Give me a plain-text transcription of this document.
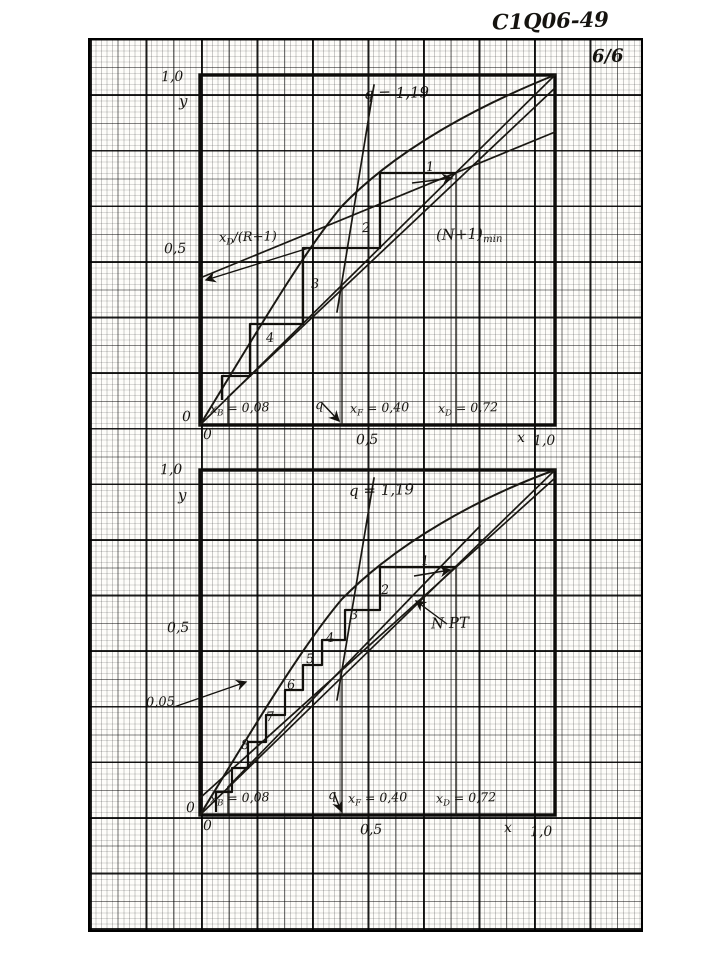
C1Q06-49
6/6
1,0
y
0,5
0
0	0,5	x 1,0
q = 1,19
$(N+1)_{min}$
$x_D/(R+1)$
$x_B = 0,08$	q $x_F = 0,40$ $x_D = 0,72$
1
2
3
4
1,0
y
0,5
0,05
0
0	0,5	x 1,0
q = 1,19
N PT
$x_B = 0,08$	q $x_F = 0,40$ $x_D = 0,72$
1
2
3
4
5
6
7
8
